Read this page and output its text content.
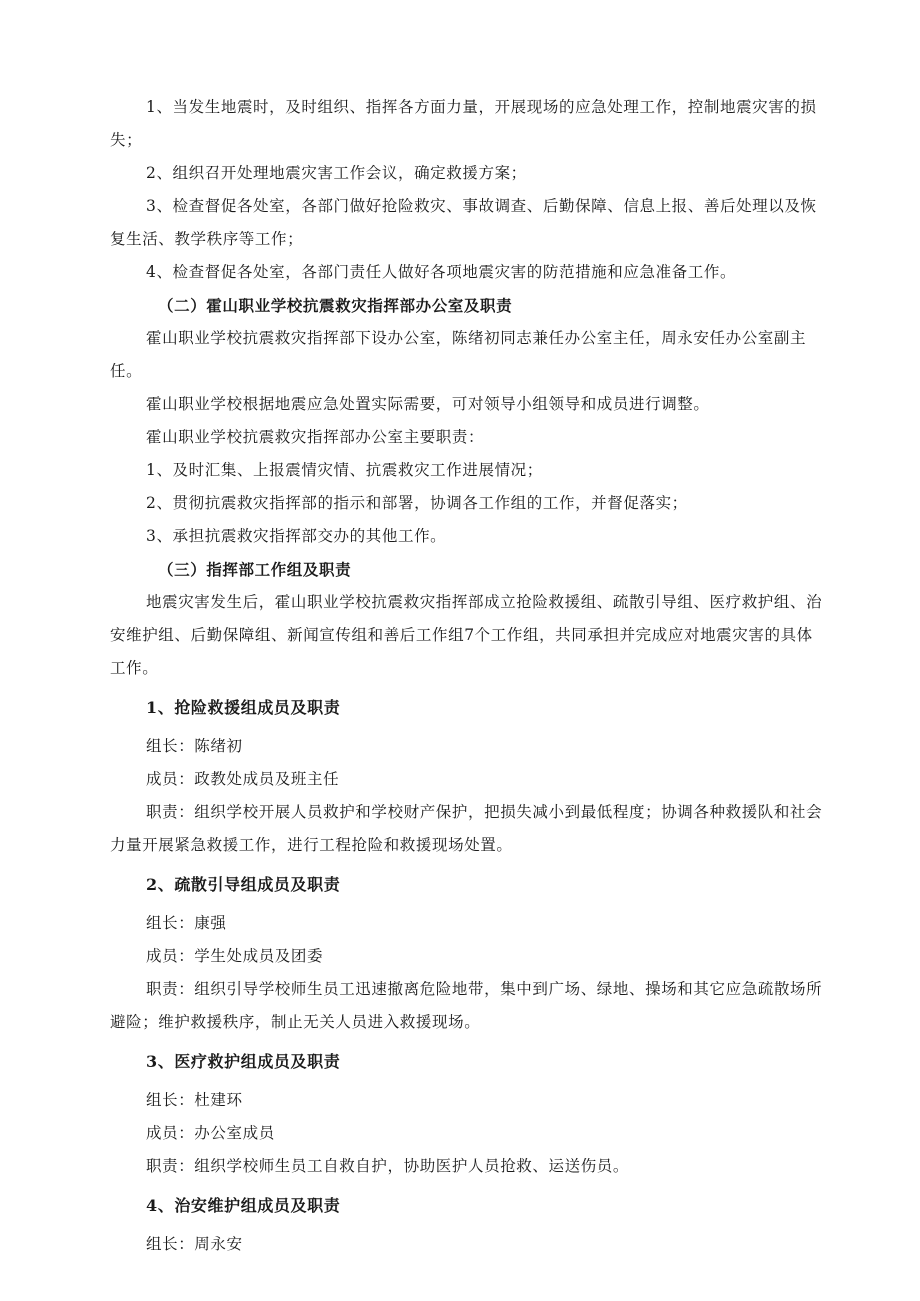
1、当发生地震时，及时组织、指挥各方面力量，开展现场的应急处理工作，控制地震灾害的损失；

2、组织召开处理地震灾害工作会议，确定救援方案；

3、检查督促各处室，各部门做好抢险救灾、事故调查、后勤保障、信息上报、善后处理以及恢复生活、教学秩序等工作；

4、检查督促各处室，各部门责任人做好各项地震灾害的防范措施和应急准备工作。

（二）霍山职业学校抗震救灾指挥部办公室及职责

霍山职业学校抗震救灾指挥部下设办公室，陈绪初同志兼任办公室主任，周永安任办公室副主任。

霍山职业学校根据地震应急处置实际需要，可对领导小组领导和成员进行调整。

霍山职业学校抗震救灾指挥部办公室主要职责：

1、及时汇集、上报震情灾情、抗震救灾工作进展情况；

2、贯彻抗震救灾指挥部的指示和部署，协调各工作组的工作，并督促落实；

3、承担抗震救灾指挥部交办的其他工作。

（三）指挥部工作组及职责

地震灾害发生后，霍山职业学校抗震救灾指挥部成立抢险救援组、疏散引导组、医疗救护组、治安维护组、后勤保障组、新闻宣传组和善后工作组7个工作组，共同承担并完成应对地震灾害的具体工作。

1、抢险救援组成员及职责

组长：陈绪初

成员：政教处成员及班主任

职责：组织学校开展人员救护和学校财产保护，把损失减小到最低程度；协调各种救援队和社会力量开展紧急救援工作，进行工程抢险和救援现场处置。

2、疏散引导组成员及职责

组长：康强

成员：学生处成员及团委

职责：组织引导学校师生员工迅速撤离危险地带，集中到广场、绿地、操场和其它应急疏散场所避险；维护救援秩序，制止无关人员进入救援现场。

3、医疗救护组成员及职责

组长：杜建环

成员：办公室成员

职责：组织学校师生员工自救自护，协助医护人员抢救、运送伤员。

4、治安维护组成员及职责

组长：周永安
